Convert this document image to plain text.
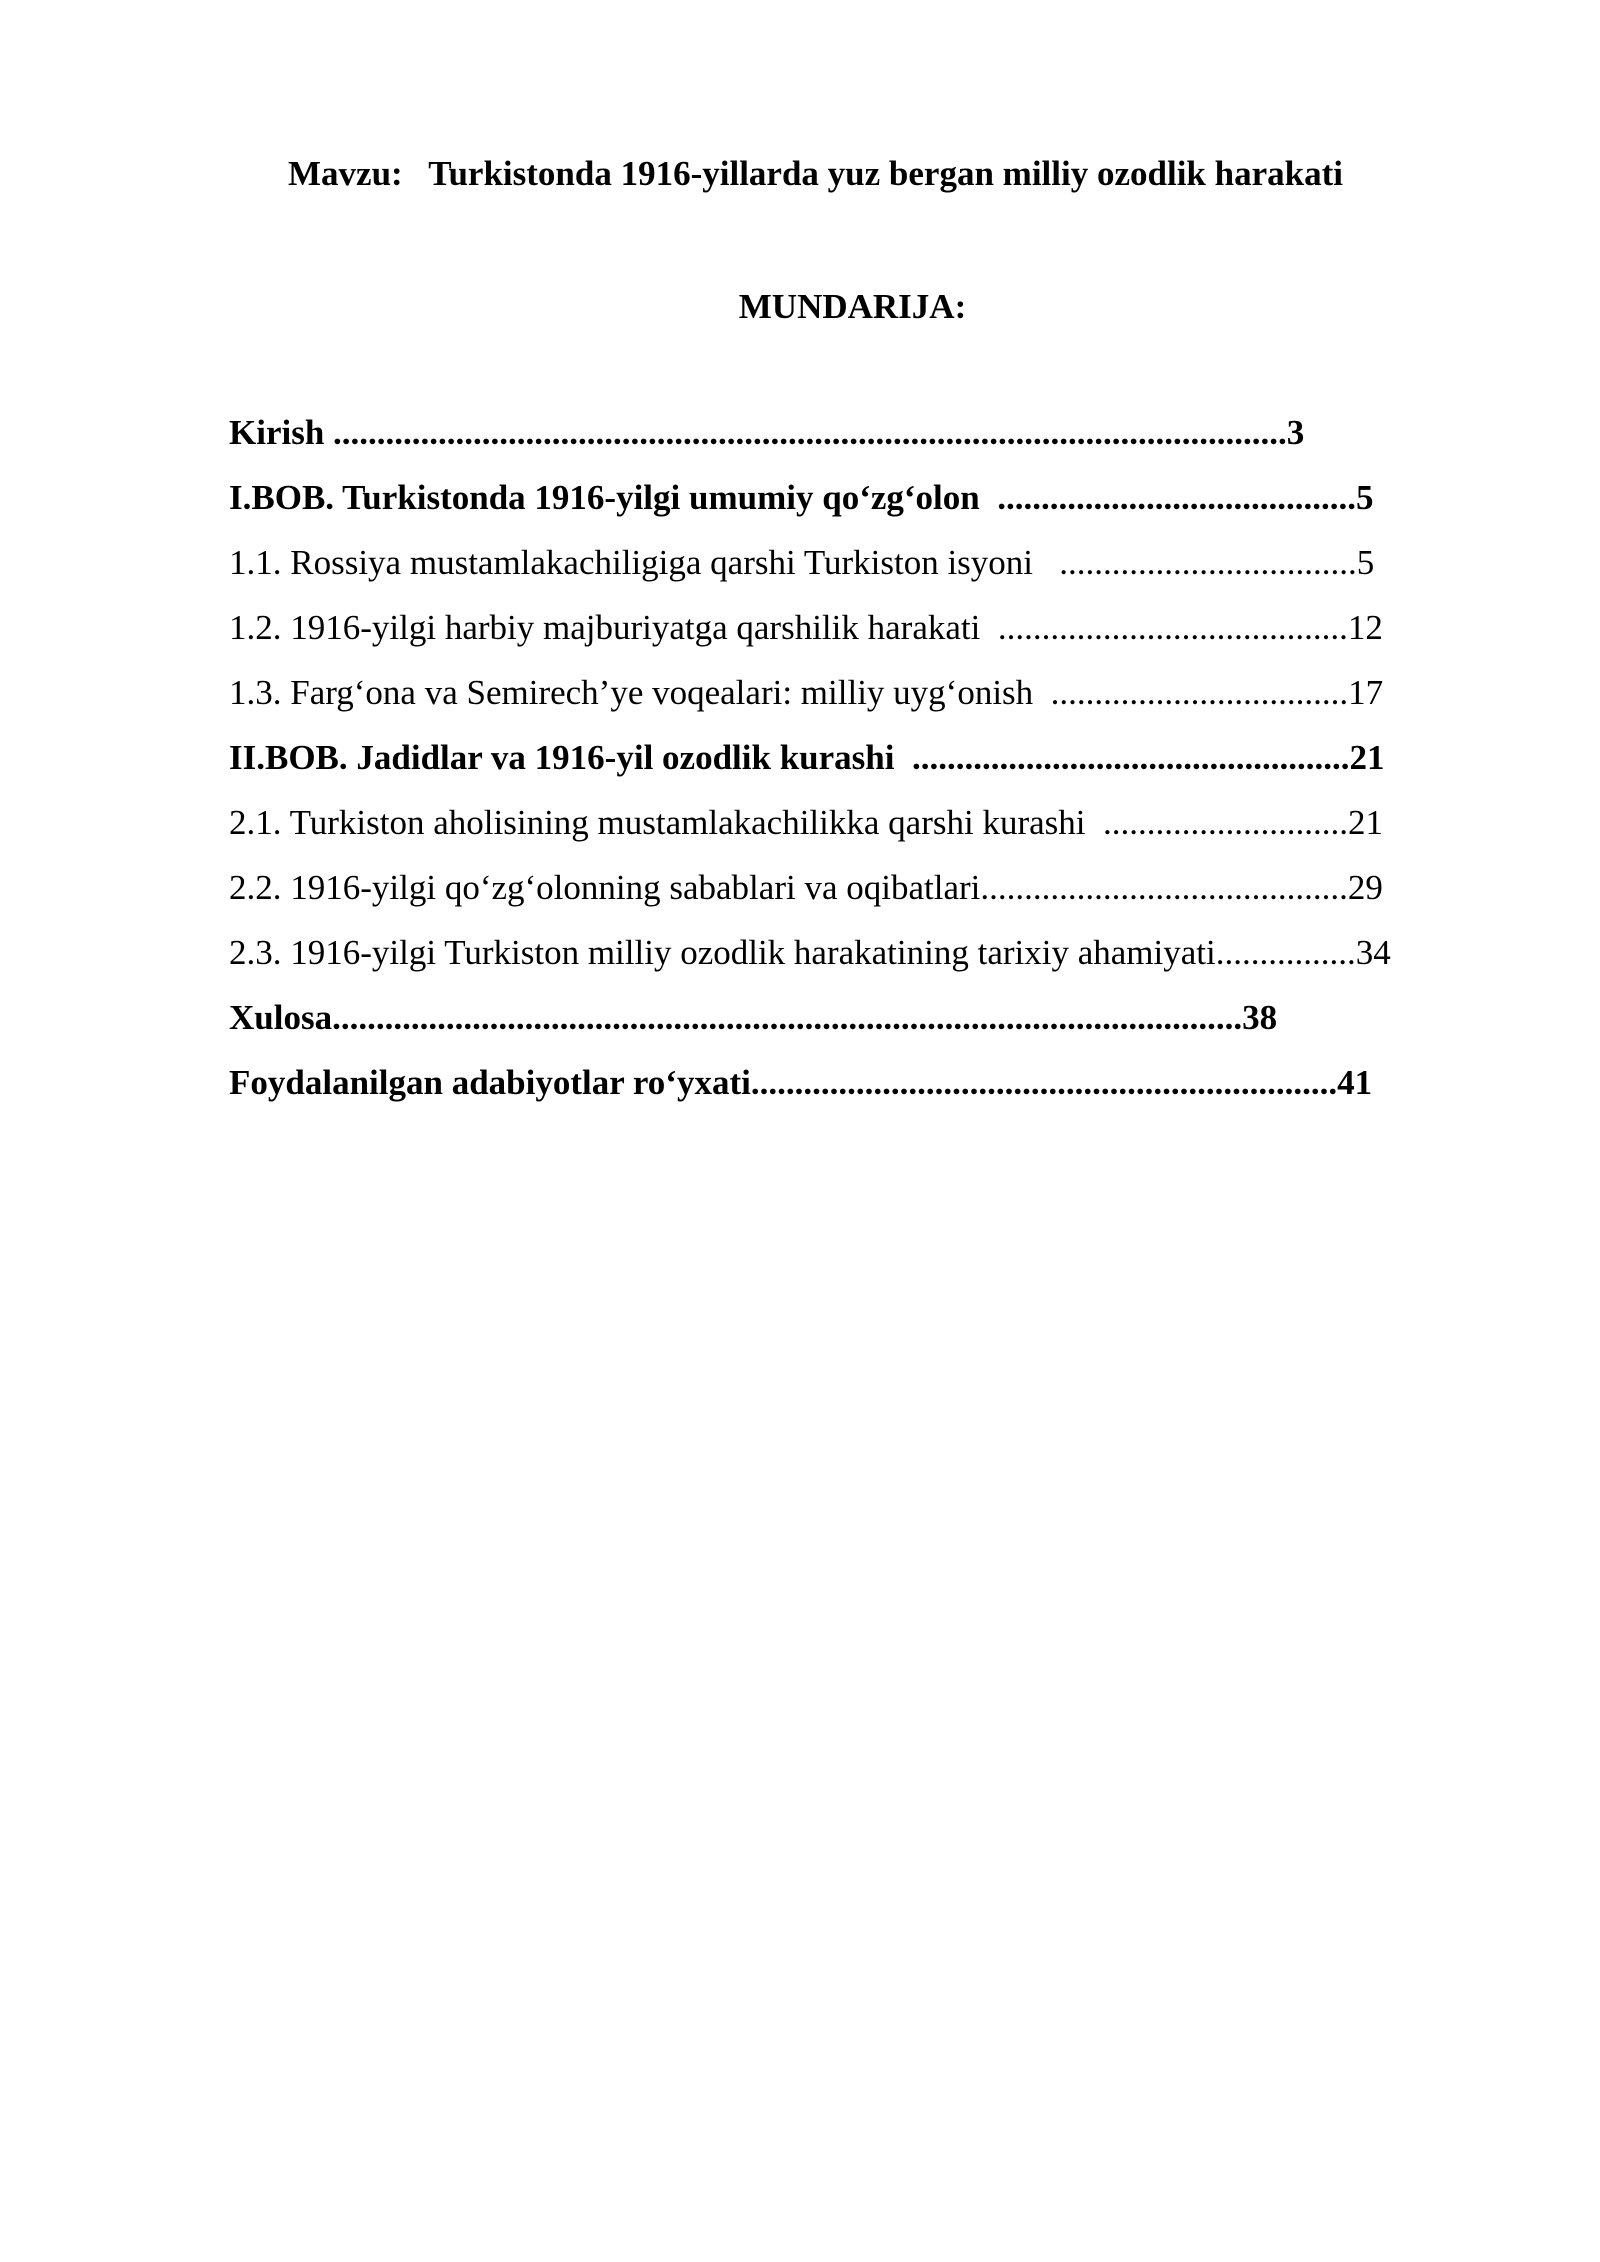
Mavzu:   Turkistonda 1916-yillarda yuz bergan milliy ozodlik harakati
MUNDARIJA:
Kirish .............................................................................................................3
I.BOB. Turkistonda 1916-yilgi umumiy qo‘zg‘olon  .........................................5
1.1. Rossiya mustamlakachiligiga qarshi Turkiston isyoni   ..................................5
1.2. 1916-yilgi harbiy majburiyatga qarshilik harakati  ........................................12
1.3. Farg‘ona va Semirech’ye voqealari: milliy uyg‘onish  ..................................17
II.BOB. Jadidlar va 1916-yil ozodlik kurashi  ..................................................21
2.1. Turkiston aholisining mustamlakachilikka qarshi kurashi  ............................21
2.2. 1916-yilgi qo‘zg‘olonning sabablari va oqibatlari..........................................29
2.3. 1916-yilgi Turkiston milliy ozodlik harakatining tarixiy ahamiyati................34
Xulosa........................................................................................................38
Foydalanilgan adabiyotlar ro‘yxati...................................................................41
